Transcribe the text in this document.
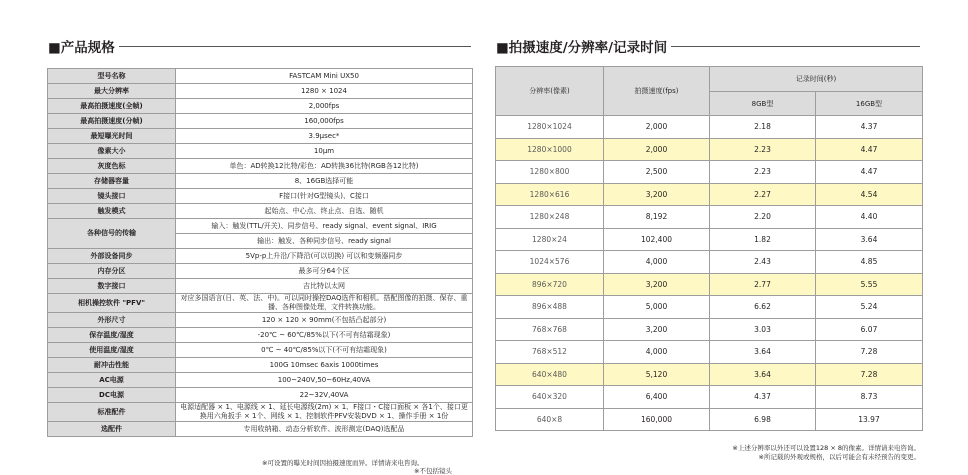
■产品规格
型号名称	FASTCAM Mini UX50
最大分辨率	1280 × 1024
最高拍摄速度(全帧)	2,000fps
最高拍摄速度(分帧)	160,000fps
最短曝光时间	3.9μsec*
像素大小	10μm
灰度色标	单色：AD转换12比特/彩色：AD转换36比特(RGB各12比特)
存储器容量	8、16GB选择可能
镜头接口	F接口(针对G型镜头)、C接口
触发模式	起始点、中心点、终止点、自选、随机
各种信号的传输	输入：触发(TTL/开关)、同步信号、ready signal、event signal、IRIG
	输出：触发、各种同步信号、ready signal
外部设备同步	5Vp-p上升沿/下降沿(可以切换) 可以和变频器同步
内存分区	最多可分64个区
数字接口	吉比特以太网
相机操控软件 "PFV"	对应多国语言(日、英、法、中)。可以同时操控DAQ选件和相机。搭配图像的拍摄、保存、重播、各种图像处理，文件转换功能。
外形尺寸	120 × 120 × 90mm(不包括凸起部分)
保存温度/湿度	-20℃ ~ 60℃/85%以下(不可有结霜现象)
使用温度/湿度	0℃ ~ 40℃/85%以下(不可有结霜现象)
耐冲击性能	100G 10msec 6axis 1000times
AC电源	100~240V,50~60Hz,40VA
DC电源	22~32V,40VA
标准配件	电源适配器 × 1、电源线 × 1、延长电源线(2m) × 1、F接口・C接口面板 × 各1个、接口更换用六角扳手 × 1个、网线 × 1、控制软件PFV安装DVD × 1、操作手册 × 1份
选配件	专用收纳箱、动态分析软件、波形测定(DAQ)选配品
※可设置的曝光时间因拍摄速度而异。详情请来电咨询。
※不包括镜头
■拍摄速度/分辨率/记录时间
分辨率(像素)	拍摄速度(fps)	记录时间(秒)	
		8GB型	16GB型
1280×1024	2,000	2.18	4.37
1280×1000	2,000	2.23	4.47
1280×800	2,500	2.23	4.47
1280×616	3,200	2.27	4.54
1280×248	8,192	2.20	4.40
1280×24	102,400	1.82	3.64
1024×576	4,000	2.43	4.85
896×720	3,200	2.77	5.55
896×488	5,000	6.62	5.24
768×768	3,200	3.03	6.07
768×512	4,000	3.64	7.28
640×480	5,120	3.64	7.28
640×320	6,400	4.37	8.73
640×8	160,000	6.98	13.97
※上述分辨率以外还可以设置128 × 8的像素。详情请来电咨询。
※所记载的外观或规格，以后可能会有未经预告的变更。
